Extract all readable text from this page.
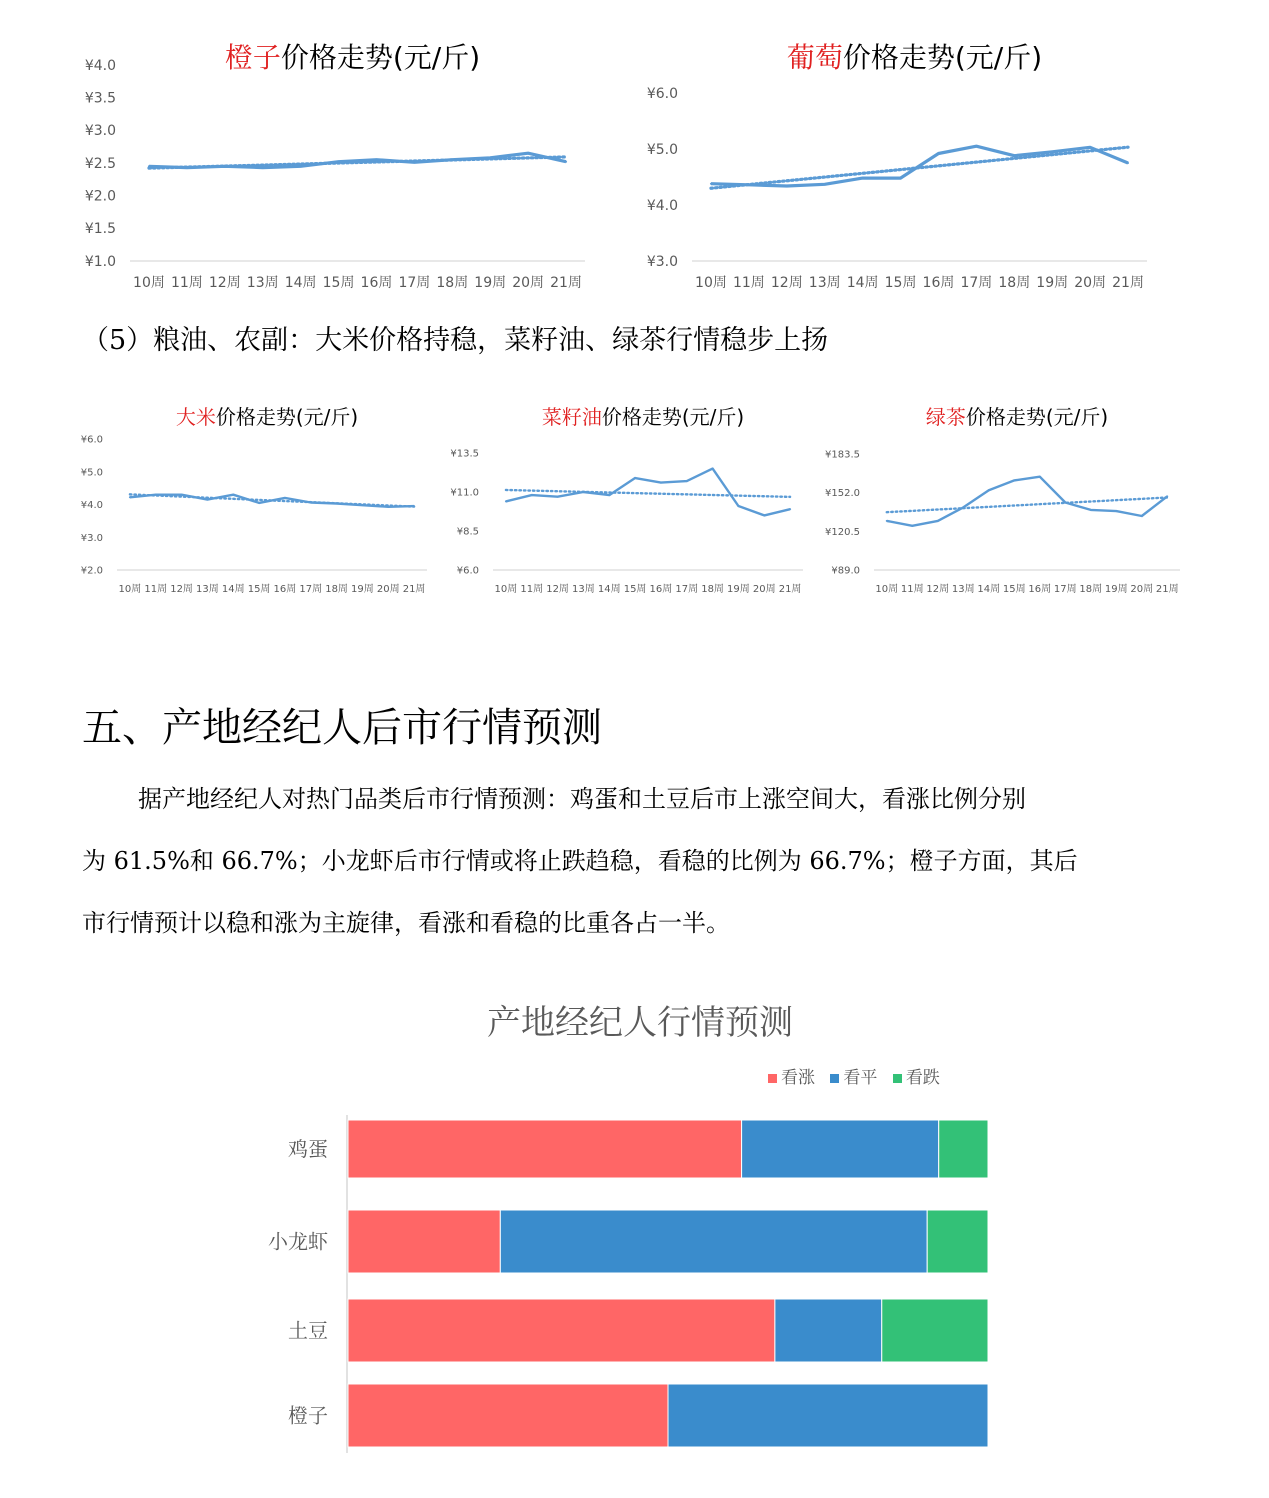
橙子价格走势(元/斤)
¥1.0
¥1.5
¥2.0
¥2.5
¥3.0
¥3.5
¥4.0
10周 11周 12周 13周 14周 15周 16周 17周 18周 19周 20周 21周
葡萄价格走势(元/斤)
¥3.0
¥4.0
¥5.0
¥6.0
10周 11周 12周 13周 14周 15周 16周 17周 18周 19周 20周 21周
（5）粮油、农副：大米价格持稳，菜籽油、绿茶行情稳步上扬
大米价格走势(元/斤)
¥2.0
¥3.0
¥4.0
¥5.0
¥6.0
10周 11周 12周 13周 14周 15周 16周 17周 18周 19周 20周 21周
菜籽油价格走势(元/斤)
¥6.0
¥8.5
¥11.0
¥13.5
10周 11周 12周 13周 14周 15周 16周 17周 18周 19周 20周 21周
绿茶价格走势(元/斤)
¥89.0
¥120.5
¥152.0
¥183.5
10周 11周 12周 13周 14周 15周 16周 17周 18周 19周 20周 21周
五、产地经纪人后市行情预测

据产地经纪人对热门品类后市行情预测：鸡蛋和土豆后市上涨空间大，看涨比例分别

为 61.5%和 66.7%；小龙虾后市行情或将止跌趋稳，看稳的比例为 66.7%；橙子方面，其后

市行情预计以稳和涨为主旋律，看涨和看稳的比重各占一半。

产地经纪人行情预测
看涨 看平 看跌
鸡蛋
小龙虾
土豆
橙子
